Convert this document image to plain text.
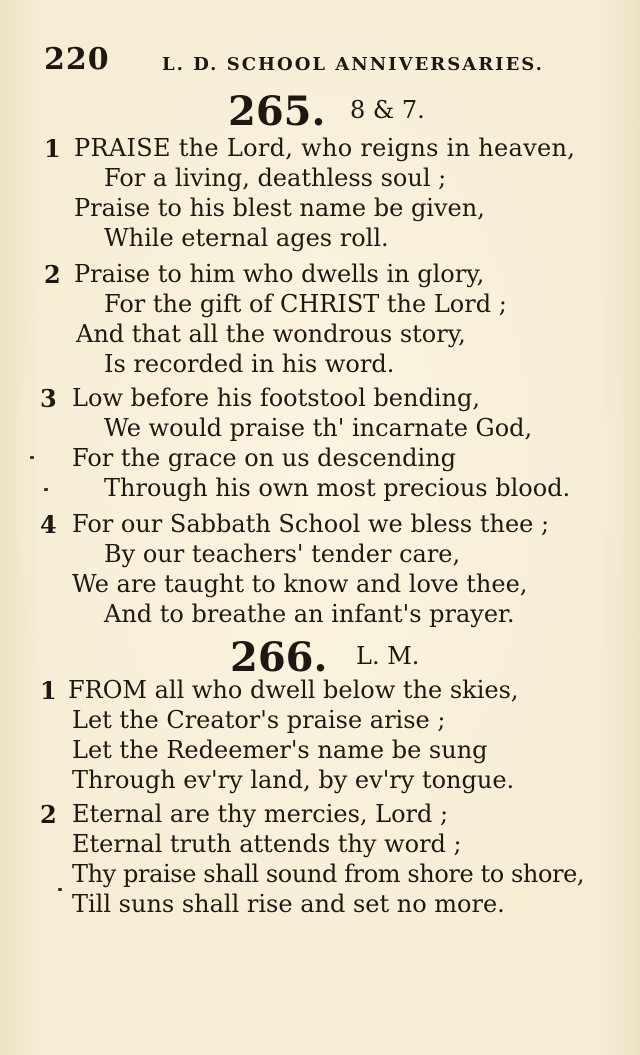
220	L. D. SCHOOL ANNIVERSARIES.
265. 8 & 7.
1 PRAISE the Lord, who reigns in heaven,
For a living, deathless soul ;
Praise to his blest name be given,
While eternal ages roll.
2 Praise to him who dwells in glory,
For the gift of CHRIST the Lord ;
And that all the wondrous story,
Is recorded in his word.
3 Low before his footstool bending,
We would praise th' incarnate God,
For the grace on us descending
Through his own most precious blood.
4 For our Sabbath School we bless thee ;
By our teachers' tender care,
We are taught to know and love thee,
And to breathe an infant's prayer.
266. L. M.
1 FROM all who dwell below the skies,
Let the Creator's praise arise ;
Let the Redeemer's name be sung
Through ev'ry land, by ev'ry tongue.
2 Eternal are thy mercies, Lord ;
Eternal truth attends thy word ;
Thy praise shall sound from shore to shore,
Till suns shall rise and set no more.
